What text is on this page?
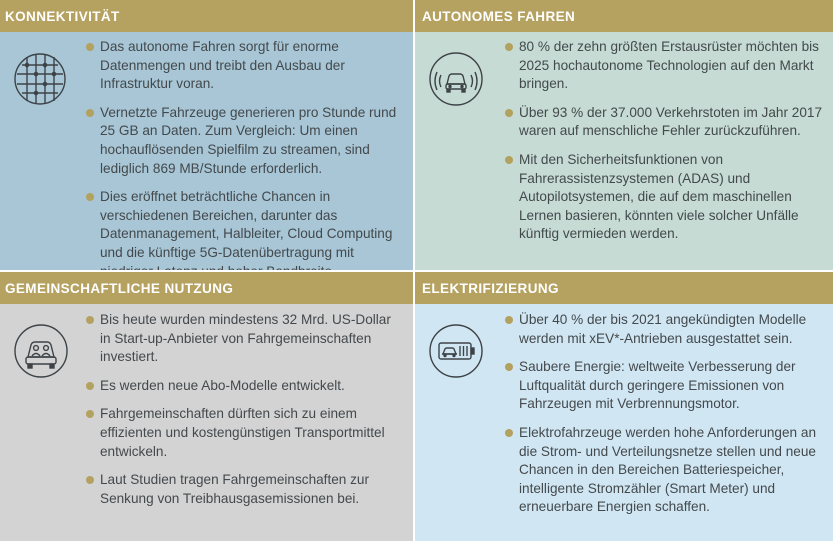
KONNEKTIVITÄT
Das autonome Fahren sorgt für enorme Datenmengen und treibt den Ausbau der Infrastruktur voran.
Vernetzte Fahrzeuge generieren pro Stunde rund 25 GB an Daten. Zum Vergleich: Um einen hochauflösenden Spielfilm zu streamen, sind lediglich 869 MB/Stunde erforderlich.
Dies eröffnet beträchtliche Chancen in verschiedenen Bereichen, darunter das Datenmanagement, Halbleiter, Cloud Computing und die künftige 5G-Datenübertragung mit
AUTONOMES FAHREN
80 % der zehn größten Erstausrüster möchten bis 2025 hochautonome Technologien auf den Markt bringen.
Über 93 % der 37.000 Verkehrstoten im Jahr 2017 waren auf menschliche Fehler zurückzuführen.
Mit den Sicherheitsfunktionen von Fahrerassistenzsystemen (ADAS) und Autopilotsystemen, die auf dem maschinellen Lernen basieren, könnten viele solcher Unfälle künftig vermieden werden.
GEMEINSCHAFTLICHE NUTZUNG
Bis heute wurden mindestens 32 Mrd. US-Dollar in Start-up-Anbieter von Fahrgemeinschaften investiert.
Es werden neue Abo-Modelle entwickelt.
Fahrgemeinschaften dürften sich zu einem effizienten und kostengünstigen Transportmittel entwickeln.
Laut Studien tragen Fahrgemeinschaften zur Senkung von Treibhausgasemissionen bei.
ELEKTRIFIZIERUNG
Über 40 % der bis 2021 angekündigten Modelle werden mit xEV*-Antrieben ausgestattet sein.
Saubere Energie: weltweite Verbesserung der Luftqualität durch geringere Emissionen von Fahrzeugen mit Verbrennungsmotor.
Elektrofahrzeuge werden hohe Anforderungen an die Strom- und Verteilungsnetze stellen und neue Chancen in den Bereichen Batteriespeicher, intelligente Stromzähler (Smart Meter) und erneuerbare Energien schaffen.
